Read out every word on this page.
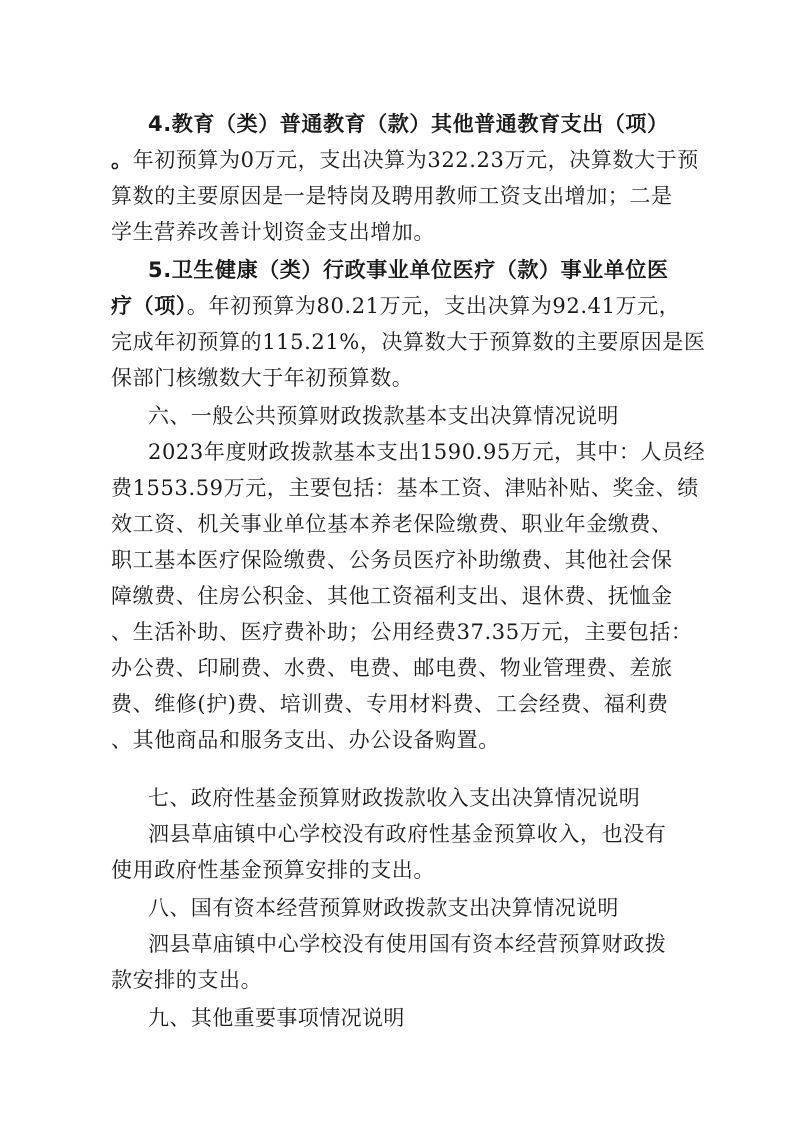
4.教育（类）普通教育（款）其他普通教育支出（项）
。年初预算为0万元，支出决算为322.23万元，决算数大于预
算数的主要原因是一是特岗及聘用教师工资支出增加；二是
学生营养改善计划资金支出增加。
5.卫生健康（类）行政事业单位医疗（款）事业单位医
疗（项）。年初预算为80.21万元，支出决算为92.41万元，
完成年初预算的115.21%，决算数大于预算数的主要原因是医
保部门核缴数大于年初预算数。
六、一般公共预算财政拨款基本支出决算情况说明
2023年度财政拨款基本支出1590.95万元，其中：人员经
费1553.59万元，主要包括：基本工资、津贴补贴、奖金、绩
效工资、机关事业单位基本养老保险缴费、职业年金缴费、
职工基本医疗保险缴费、公务员医疗补助缴费、其他社会保
障缴费、住房公积金、其他工资福利支出、退休费、抚恤金
、生活补助、医疗费补助；公用经费37.35万元，主要包括：
办公费、印刷费、水费、电费、邮电费、物业管理费、差旅
费、维修(护)费、培训费、专用材料费、工会经费、福利费
、其他商品和服务支出、办公设备购置。
七、政府性基金预算财政拨款收入支出决算情况说明
泗县草庙镇中心学校没有政府性基金预算收入，也没有
使用政府性基金预算安排的支出。
八、国有资本经营预算财政拨款支出决算情况说明
泗县草庙镇中心学校没有使用国有资本经营预算财政拨
款安排的支出。
九、其他重要事项情况说明
